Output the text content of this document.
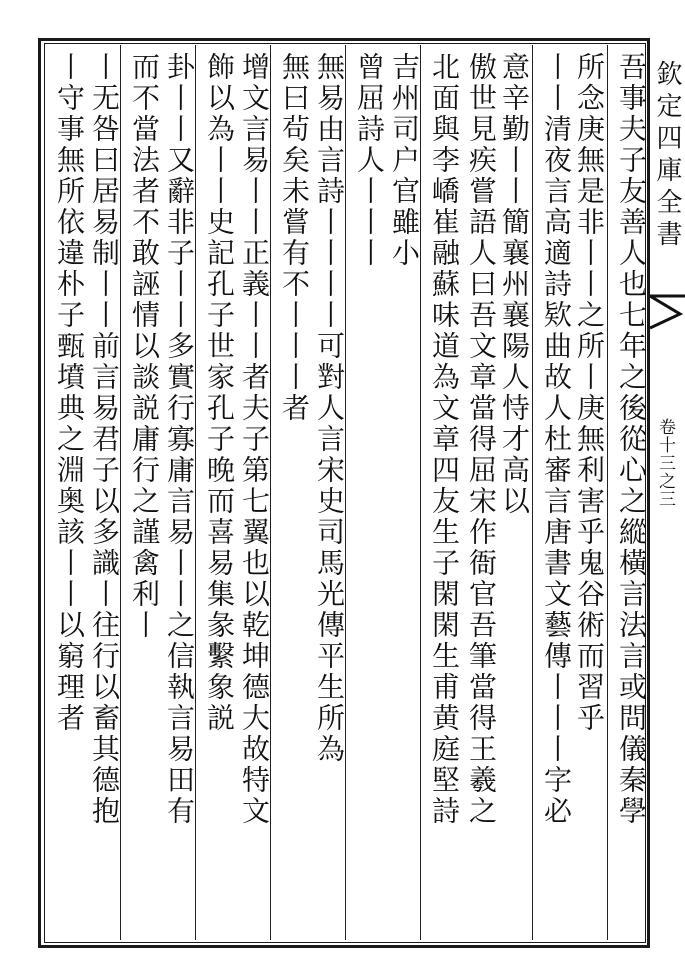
吾事夫子友善人也七年之後從心之縱橫言法言或問儀秦學
所念庚無是非丨丨之所丨庚無利害乎鬼谷術而習乎
丨丨清夜言高適詩欵曲故人杜審言唐書文藝傳丨丨丨字必
意辛勤丨丨簡襄州襄陽人恃才高以
傲世見疾嘗語人曰吾文章當得屈宋作衙官吾筆當得王羲之
北面與李嶠崔融蘇味道為文章四友生子閑閑生甫黄庭堅詩
吉州司户官雖小
曾屈詩人丨丨丨
無易由言詩丨丨丨丨可對人言宋史司馬光傳平生所為
無曰茍矣未嘗有不丨丨丨者
增文言易丨丨正義丨丨者夫子第七翼也以乾坤德大故特文
飾以為丨丨史記孔子世家孔子晚而喜易集彖繫象説
卦丨丨又辭非子丨丨多實行寡庸言易丨丨之信執言易田有
而不當法者不敢誣情以談説庸行之謹禽利丨
丨无咎曰居易制丨丨前言易君子以多識丨往行以畜其德抱
丨守事無所依違朴子甄墳典之淵奥該丨丨以窮理者	欽定四庫全書
卷十三之三
